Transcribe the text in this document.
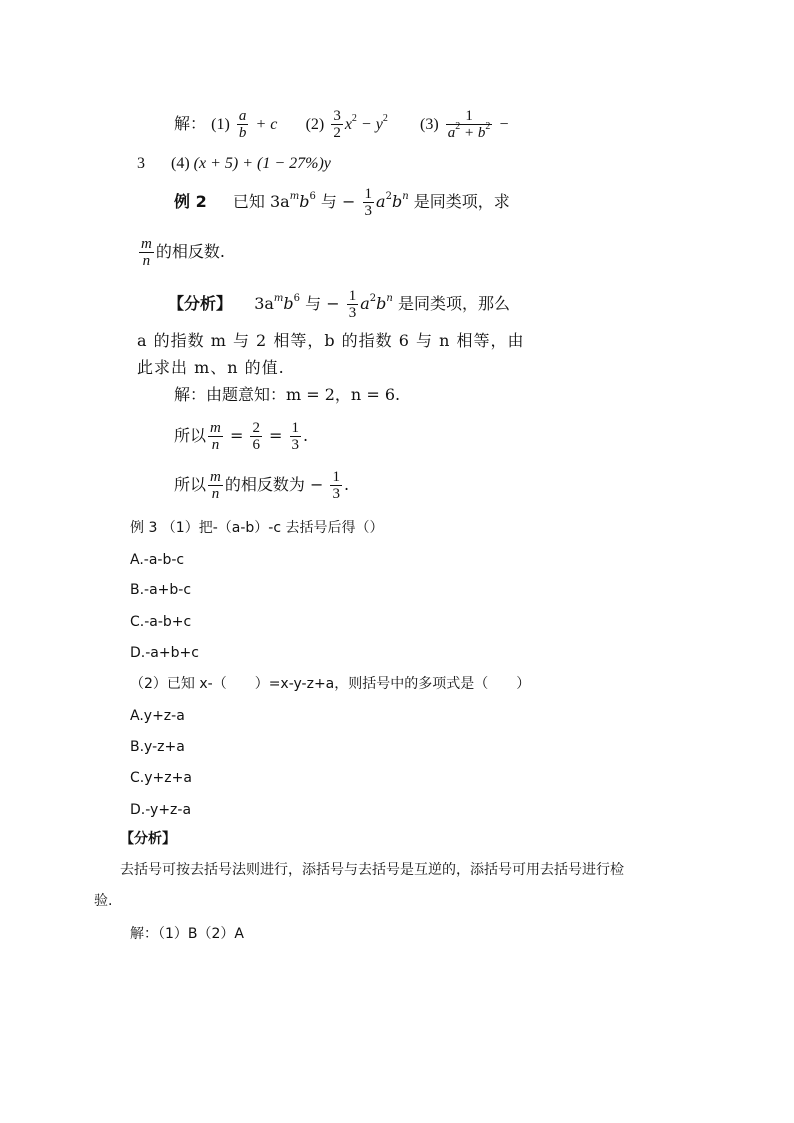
解： $(1) \frac{a}{b} + c$ $(2) \frac{3}{2} x^2 - y^2$ $(3) \frac{1}{a^2 + b^2}$ −
3 (4) (x + 5) + (1 − 27%)y
例 2 已知 $3a^mb^6$ 与 − $\frac{1}{3} a^2b^n$ 是同类项，求
$\frac{m}{n}$ 的相反数.
【分析】 $3a^mb^6$ 与 − $\frac{1}{3} a^2b^n$ 是同类项，那么
a 的指数 m 与 2 相等，b 的指数 6 与 n 相等，由
此求出 m、n 的值.
解：由题意知：m = 2，n = 6.
所以 $\frac{m}{n} = \frac{2}{6} = \frac{1}{3}$ .
所以 $\frac{m}{n}$ 的相反数为 − $\frac{1}{3}$ .
例 3 （1）把-（a-b）-c 去括号后得（）
A.-a-b-c
B.-a+b-c
C.-a-b+c
D.-a+b+c
（2）已知 x-（　　）=x-y-z+a，则括号中的多项式是（　　）
A.y+z-a
B.y-z+a
C.y+z+a
D.-y+z-a
【分析】
去括号可按去括号法则进行，添括号与去括号是互逆的，添括号可用去括号进行检
验.
解：（1）B（2）A
